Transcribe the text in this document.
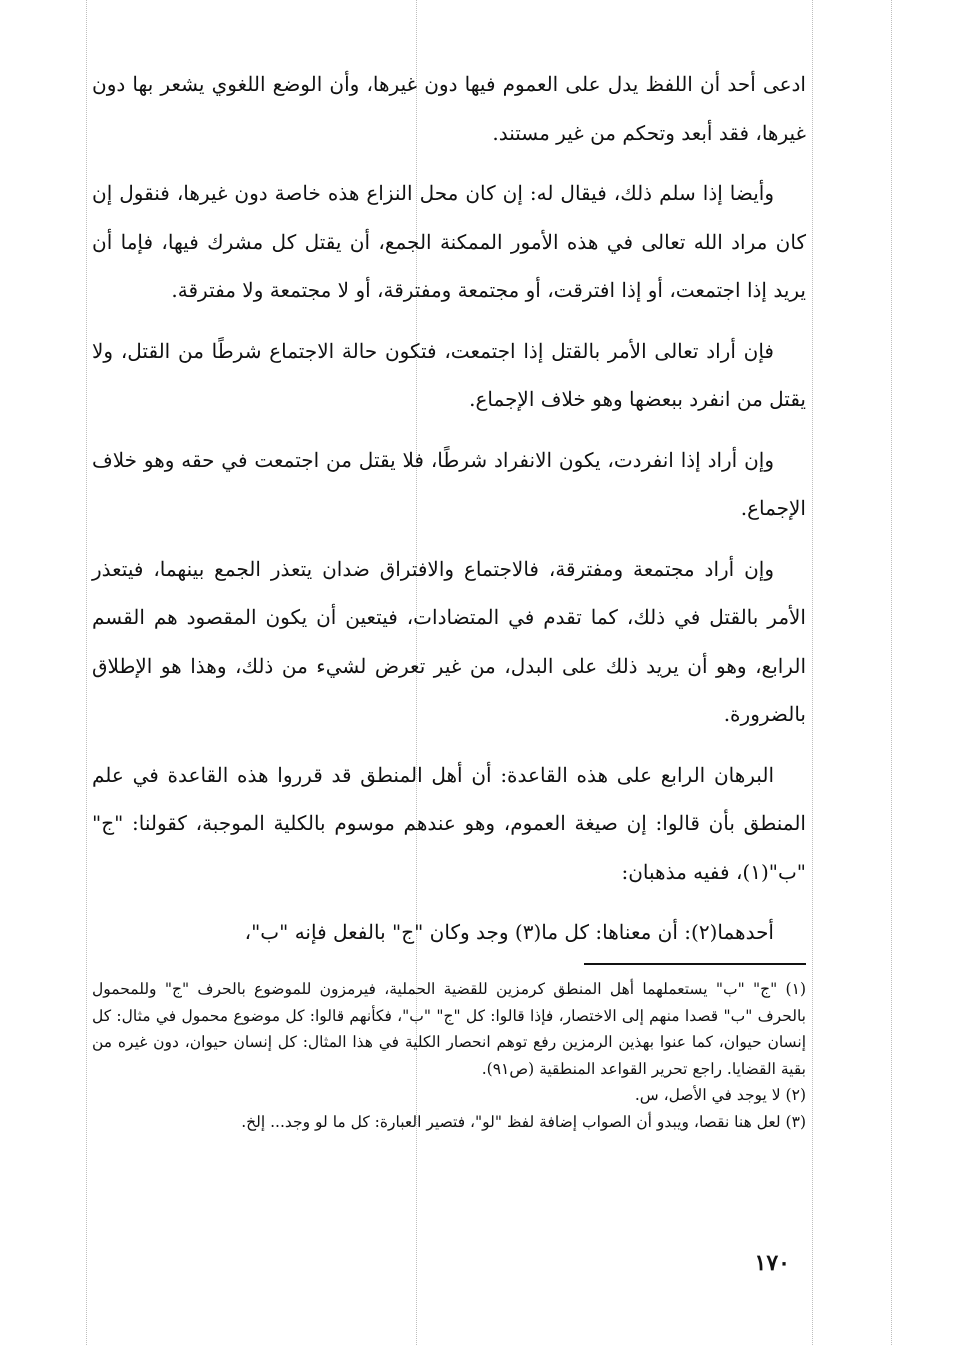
ادعى أحد أن اللفظ يدل على العموم فيها دون غيرها، وأن الوضع اللغوي يشعر بها دون غيرها، فقد أبعد وتحكم من غير مستند.

وأيضا إذا سلم ذلك، فيقال له: إن كان محل النزاع هذه خاصة دون غيرها، فنقول إن كان مراد الله تعالى في هذه الأمور الممكنة الجمع، أن يقتل كل مشرك فيها، فإما أن يريد إذا اجتمعت، أو إذا افترقت، أو مجتمعة ومفترقة، أو لا مجتمعة ولا مفترقة.

فإن أراد تعالى الأمر بالقتل إذا اجتمعت، فتكون حالة الاجتماع شرطًا من القتل، ولا يقتل من انفرد ببعضها وهو خلاف الإجماع.

وإن أراد إذا انفردت، يكون الانفراد شرطًا، فلا يقتل من اجتمعت في حقه وهو خلاف الإجماع.

وإن أراد مجتمعة ومفترقة، فالاجتماع والافتراق ضدان يتعذر الجمع بينهما، فيتعذر الأمر بالقتل في ذلك، كما تقدم في المتضادات، فيتعين أن يكون المقصود هم القسم الرابع، وهو أن يريد ذلك على البدل، من غير تعرض لشيء من ذلك، وهذا هو الإطلاق بالضرورة.

البرهان الرابع على هذه القاعدة: أن أهل المنطق قد قرروا هذه القاعدة في علم المنطق بأن قالوا: إن صيغة العموم، وهو عندهم موسوم بالكلية الموجبة، كقولنا: "ج" "ب"(١)، ففيه مذهبان:

أحدهما(٢): أن معناها: كل ما(٣) وجد وكان "ج" بالفعل فإنه "ب"،

(١) "ج" "ب" يستعملهما أهل المنطق كرمزين للقضية الحملية، فيرمزون للموضوع بالحرف "ج" وللمحمول بالحرف "ب" قصدا منهم إلى الاختصار، فإذا قالوا: كل "ج" "ب"، فكأنهم قالوا: كل موضوع محمول في مثال: كل إنسان حيوان، كما عنوا بهذين الرمزين رفع توهم انحصار الكلية في هذا المثال: كل إنسان حيوان، دون غيره من بقية القضايا. راجع تحرير القواعد المنطقية (ص٩١).

(٢) لا يوجد في الأصل، س.

(٣) لعل هنا نقصا، ويبدو أن الصواب إضافة لفظ "لو"، فتصير العبارة: كل ما لو وجد... إلخ.

١٧٠
